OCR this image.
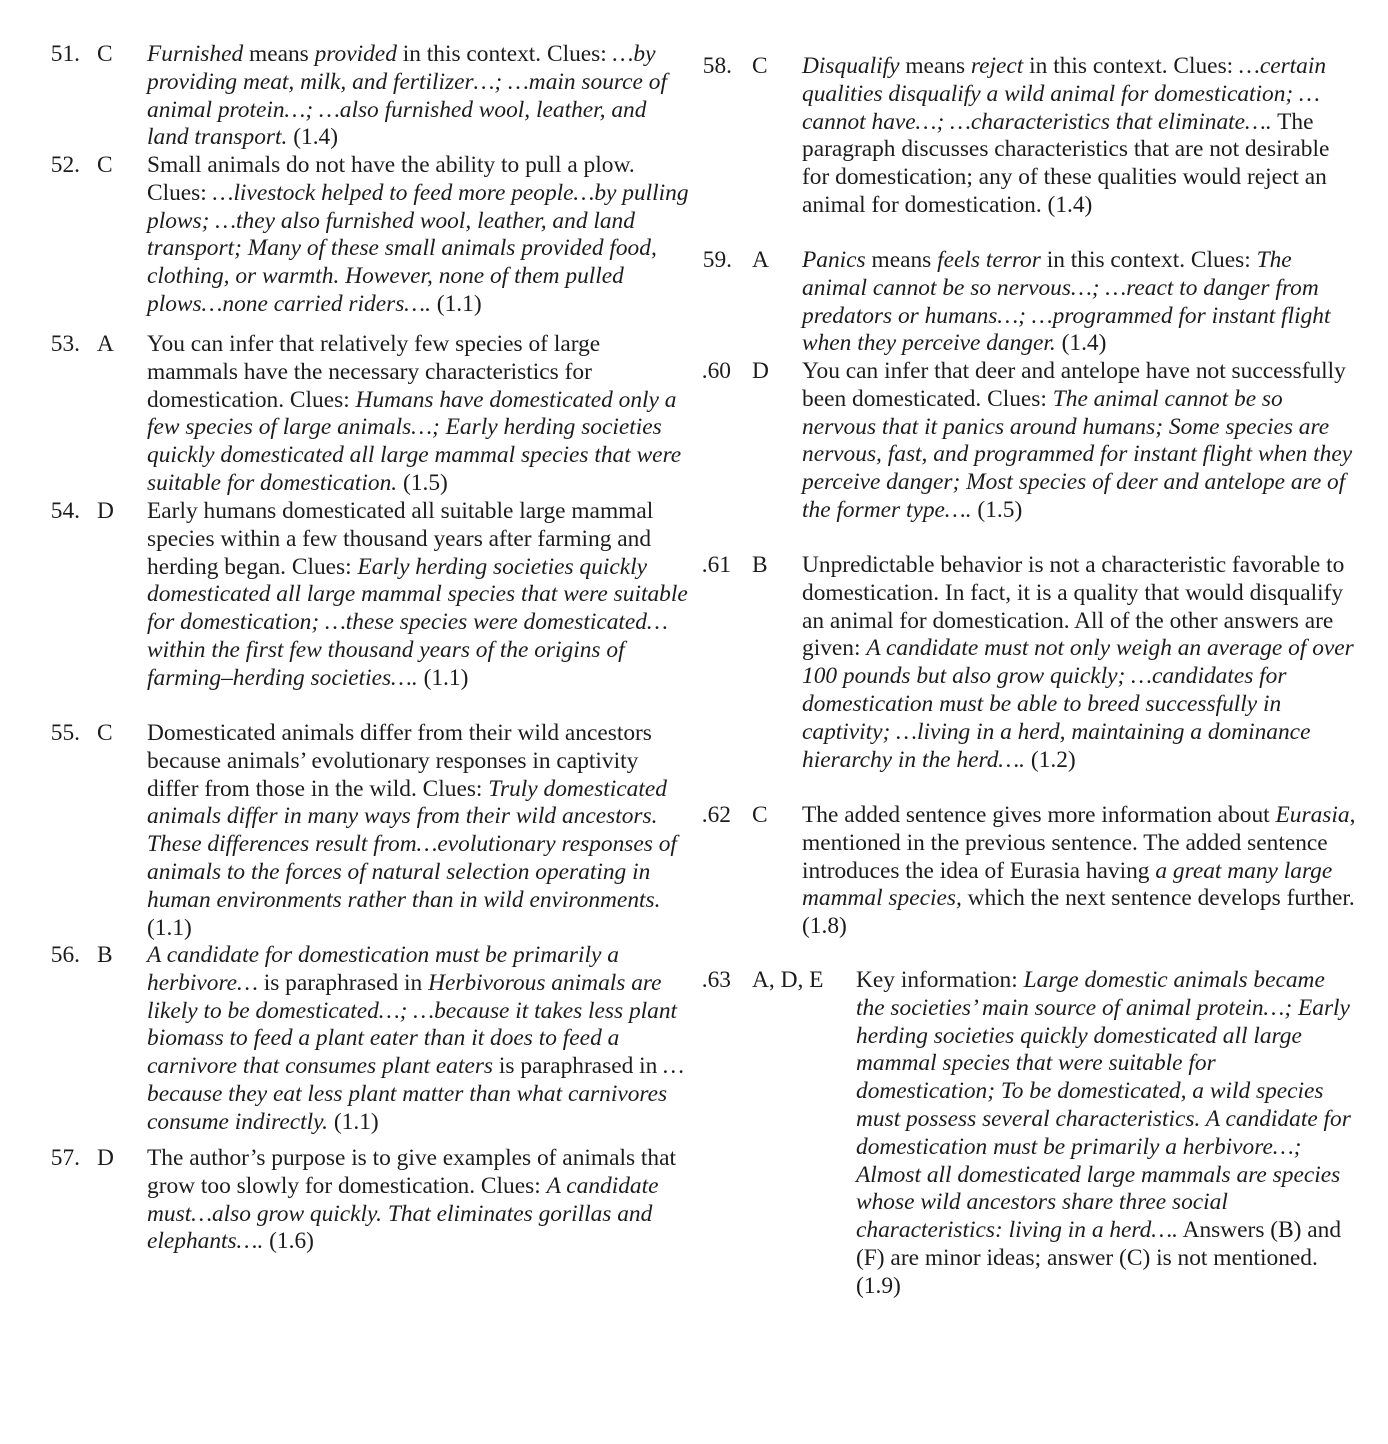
51. C Furnished means provided in this context. Clues: …by providing meat, milk, and fertilizer…; …main source of animal protein…; …also furnished wool, leather, and land transport. (1.4)
52. C Small animals do not have the ability to pull a plow. Clues: …livestock helped to feed more people…by pulling plows; …they also furnished wool, leather, and land transport; Many of these small animals provided food, clothing, or warmth. However, none of them pulled plows…none carried riders…. (1.1)
53. A You can infer that relatively few species of large mammals have the necessary characteristics for domestication. Clues: Humans have domesticated only a few species of large animals…; Early herding societies quickly domesticated all large mammal species that were suitable for domestication. (1.5)
54. D Early humans domesticated all suitable large mammal species within a few thousand years after farming and herding began. Clues: Early herding societies quickly domesticated all large mammal species that were suitable for domestication; …these species were domesticated…within the first few thousand years of the origins of farming–herding societies…. (1.1)
55. C Domesticated animals differ from their wild ancestors because animals’ evolutionary responses in captivity differ from those in the wild. Clues: Truly domesticated animals differ in many ways from their wild ancestors. These differences result from…evolutionary responses of animals to the forces of natural selection operating in human environments rather than in wild environments. (1.1)
56. B A candidate for domestication must be primarily a herbivore… is paraphrased in Herbivorous animals are likely to be domesticated…; …because it takes less plant biomass to feed a plant eater than it does to feed a carnivore that consumes plant eaters is paraphrased in …because they eat less plant matter than what carnivores consume indirectly. (1.1)
57. D The author’s purpose is to give examples of animals that grow too slowly for domestication. Clues: A candidate must…also grow quickly. That eliminates gorillas and elephants…. (1.6)
58. C Disqualify means reject in this context. Clues: …certain qualities disqualify a wild animal for domestication; …cannot have…; …characteristics that eliminate…. The paragraph discusses characteristics that are not desirable for domestication; any of these qualities would reject an animal for domestication. (1.4)
59. A Panics means feels terror in this context. Clues: The animal cannot be so nervous…; …react to danger from predators or humans…; …programmed for instant flight when they perceive danger. (1.4)
60. D You can infer that deer and antelope have not successfully been domesticated. Clues: The animal cannot be so nervous that it panics around humans; Some species are nervous, fast, and programmed for instant flight when they perceive danger; Most species of deer and antelope are of the former type…. (1.5)
61. B Unpredictable behavior is not a characteristic favorable to domestication. In fact, it is a quality that would disqualify an animal for domestication. All of the other answers are given: A candidate must not only weigh an average of over 100 pounds but also grow quickly; …candidates for domestication must be able to breed successfully in captivity; …living in a herd, maintaining a dominance hierarchy in the herd…. (1.2)
62. C The added sentence gives more information about Eurasia, mentioned in the previous sentence. The added sentence introduces the idea of Eurasia having a great many large mammal species, which the next sentence develops further. (1.8)
63. A, D, E Key information: Large domestic animals became the societies’ main source of animal protein…; Early herding societies quickly domesticated all large mammal species that were suitable for domestication; To be domesticated, a wild species must possess several characteristics. A candidate for domestication must be primarily a herbivore…; Almost all domesticated large mammals are species whose wild ancestors share three social characteristics: living in a herd…. Answers (B) and (F) are minor ideas; answer (C) is not mentioned. (1.9)
